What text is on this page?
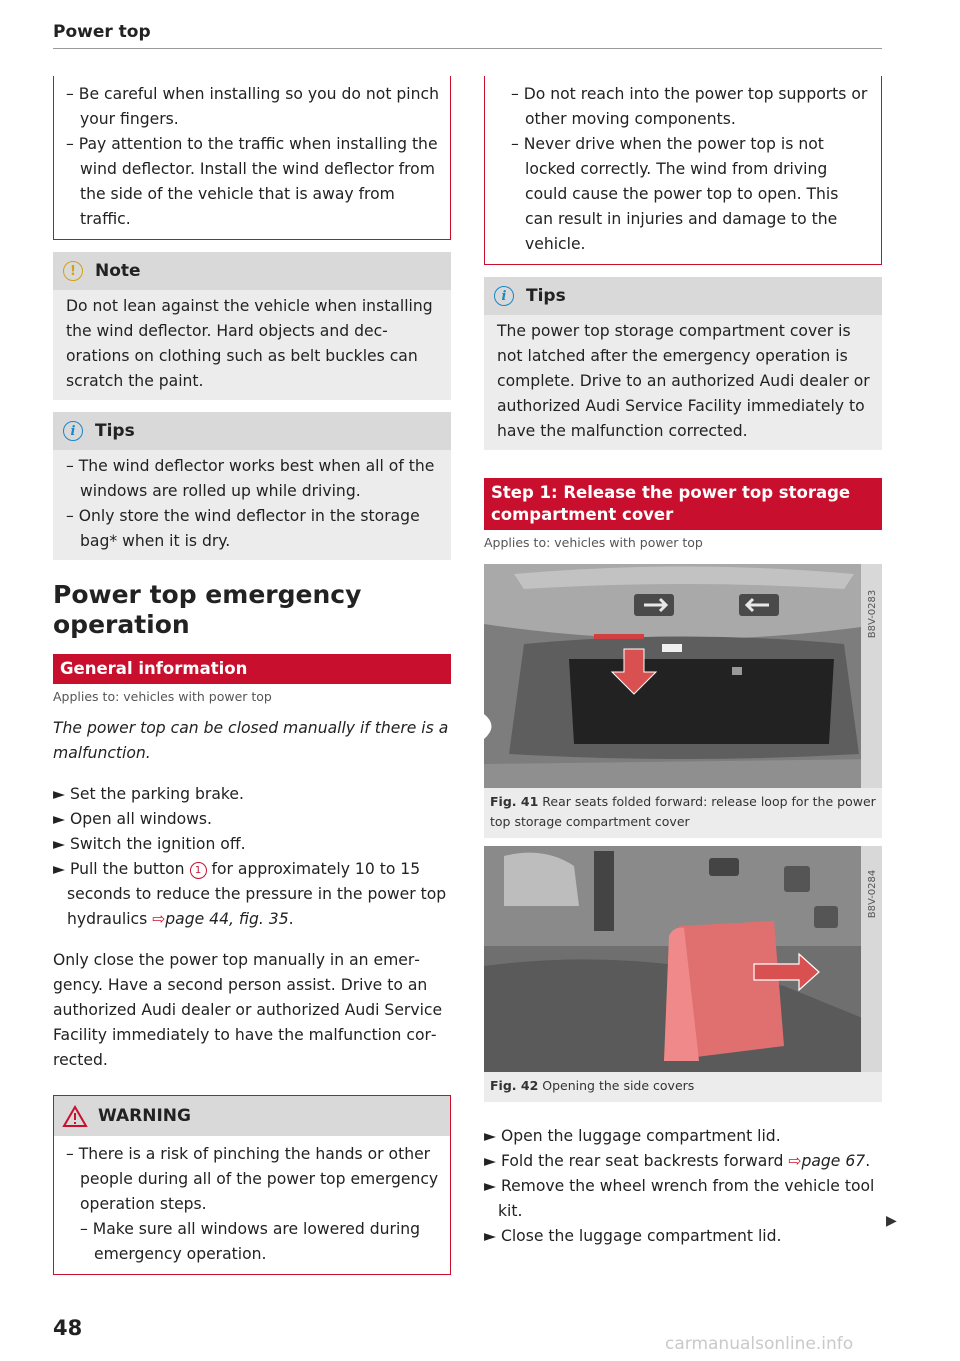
Power top
– Be careful when installing so you do not pinch your fingers.
– Pay attention to the traffic when installing the wind deflector. Install the wind deflector from the side of the vehicle that is away from traffic.
!	Note
Do not lean against the vehicle when installing the wind deflector. Hard objects and decorations on clothing such as belt buckles can scratch the paint.
i	Tips
– The wind deflector works best when all of the windows are rolled up while driving.
– Only store the wind deflector in the storage bag* when it is dry.
Power top emergency operation
General information
Applies to: vehicles with power top
The power top can be closed manually if there is a malfunction.
► Set the parking brake.
► Open all windows.
► Switch the ignition off.
► Pull the button 1 for approximately 10 to 15 seconds to reduce the pressure in the power top hydraulics ⇨page 44, fig. 35.
Only close the power top manually in an emergency. Have a second person assist. Drive to an authorized Audi dealer or authorized Audi Service Facility immediately to have the malfunction corrected.
WARNING
– There is a risk of pinching the hands or other people during all of the power top emergency operation steps.
– Make sure all windows are lowered during emergency operation.
– Do not reach into the power top supports or other moving components.
– Never drive when the power top is not locked correctly. The wind from driving could cause the power top to open. This can result in injuries and damage to the vehicle.
i	Tips
The power top storage compartment cover is not latched after the emergency operation is complete. Drive to an authorized Audi dealer or authorized Audi Service Facility immediately to have the malfunction corrected.
Step 1: Release the power top storage compartment cover
Applies to: vehicles with power top
B8V-0283
Fig. 41 Rear seats folded forward: release loop for the power top storage compartment cover
B8V-0284
Fig. 42 Opening the side covers
► Open the luggage compartment lid.
► Fold the rear seat backrests forward ⇨page 67.
► Remove the wheel wrench from the vehicle tool kit.
► Close the luggage compartment lid.
▶
48
carmanualsonline.info
